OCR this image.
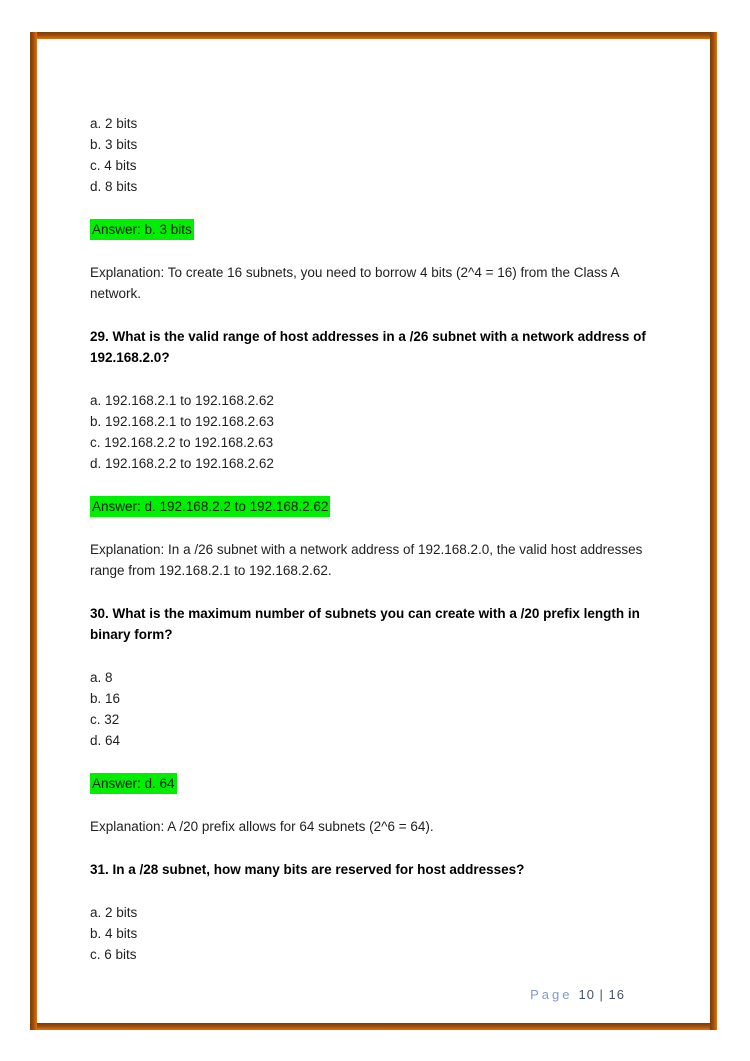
a. 2 bits
b. 3 bits
c. 4 bits
d. 8 bits
Answer: b. 3 bits
Explanation: To create 16 subnets, you need to borrow 4 bits (2^4 = 16) from the Class A
network.
29. What is the valid range of host addresses in a /26 subnet with a network address of
192.168.2.0?
a. 192.168.2.1 to 192.168.2.62
b. 192.168.2.1 to 192.168.2.63
c. 192.168.2.2 to 192.168.2.63
d. 192.168.2.2 to 192.168.2.62
Answer: d. 192.168.2.2 to 192.168.2.62
Explanation: In a /26 subnet with a network address of 192.168.2.0, the valid host addresses
range from 192.168.2.1 to 192.168.2.62.
30. What is the maximum number of subnets you can create with a /20 prefix length in
binary form?
a. 8
b. 16
c. 32
d. 64
Answer: d. 64
Explanation: A /20 prefix allows for 64 subnets (2^6 = 64).
31. In a /28 subnet, how many bits are reserved for host addresses?
a. 2 bits
b. 4 bits
c. 6 bits
Page 10 | 16
